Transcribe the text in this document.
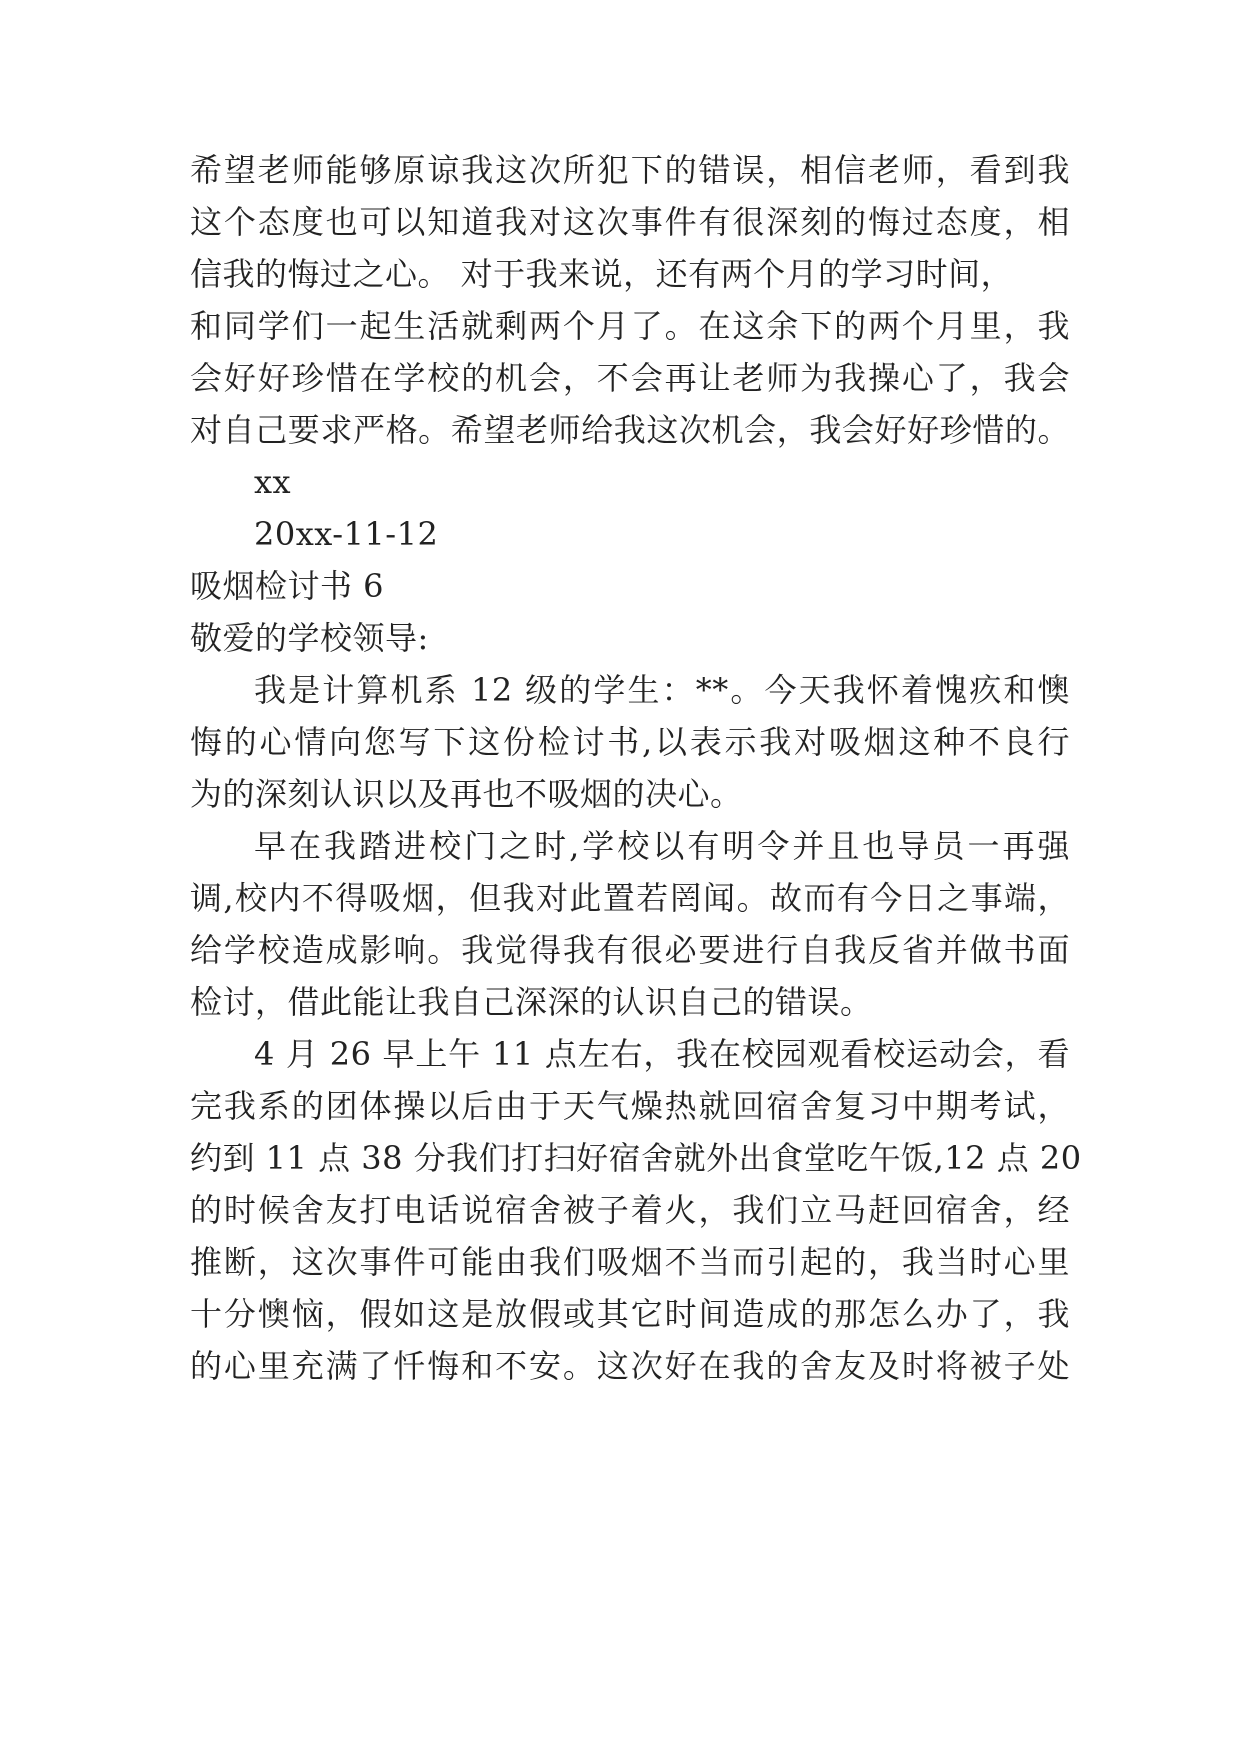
希望老师能够原谅我这次所犯下的错误，相信老师，看到我
这个态度也可以知道我对这次事件有很深刻的悔过态度，相
信我的悔过之心。 对于我来说，还有两个月的学习时间，
和同学们一起生活就剩两个月了。在这余下的两个月里，我
会好好珍惜在学校的机会，不会再让老师为我操心了，我会
对自己要求严格。希望老师给我这次机会，我会好好珍惜的。
xx
20xx-11-12
吸烟检讨书 6
敬爱的学校领导:
我是计算机系 12 级的学生：**。今天我怀着愧疚和懊
悔的心情向您写下这份检讨书,以表示我对吸烟这种不良行
为的深刻认识以及再也不吸烟的决心。
早在我踏进校门之时,学校以有明令并且也导员一再强
调,校内不得吸烟，但我对此置若罔闻。故而有今日之事端，
给学校造成影响。我觉得我有很必要进行自我反省并做书面
检讨，借此能让我自己深深的认识自己的错误。
4 月 26 早上午 11 点左右，我在校园观看校运动会，看
完我系的团体操以后由于天气燥热就回宿舍复习中期考试，
约到 11 点 38 分我们打扫好宿舍就外出食堂吃午饭,12 点 20
的时候舍友打电话说宿舍被子着火，我们立马赶回宿舍，经
推断，这次事件可能由我们吸烟不当而引起的，我当时心里
十分懊恼，假如这是放假或其它时间造成的那怎么办了，我
的心里充满了忏悔和不安。这次好在我的舍友及时将被子处
